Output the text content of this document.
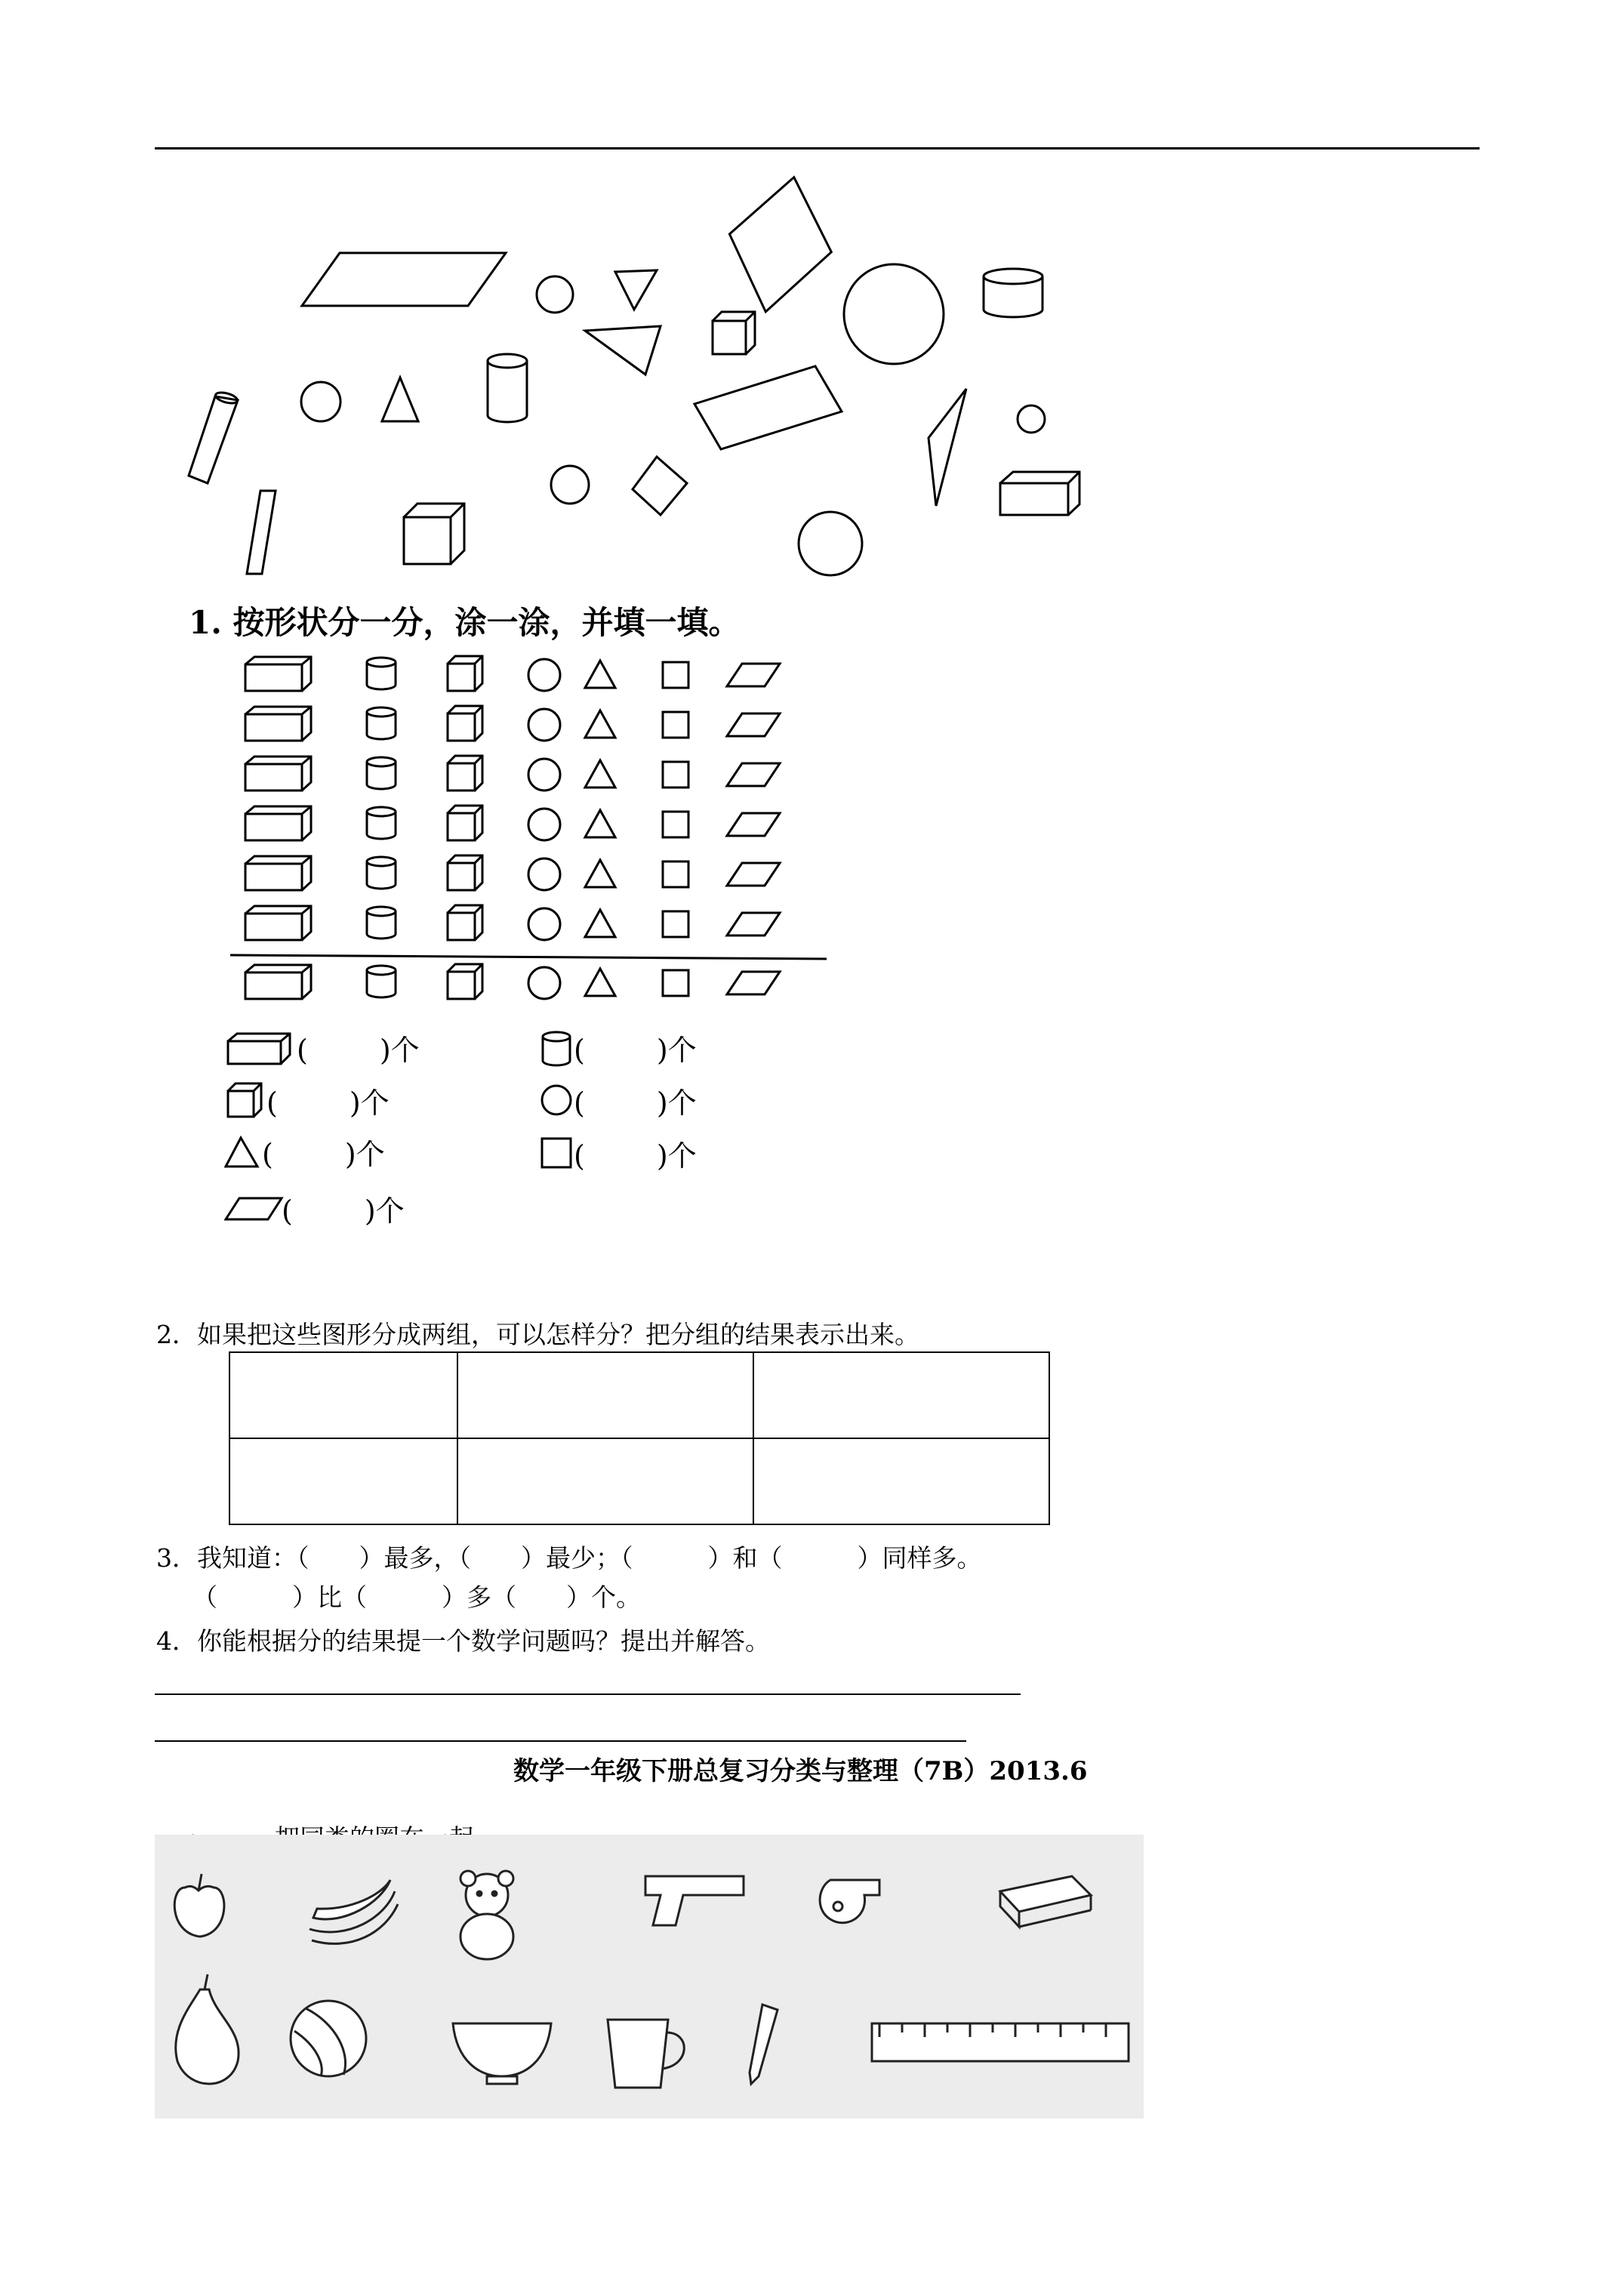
1. 按形状分一分，涂一涂，并填一填。
(	)个	(	)个
(	)个	(	)个
(	)个	(	)个
(	)个
2．如果把这些图形分成两组，可以怎样分？把分组的结果表示出来。

3．我知道：（　　）最多，（　　）最少；（　　　）和（　　　）同样多。
（　　　）比（　　　）多（　　）个。
4．你能根据分的结果提一个数学问题吗？提出并解答。
数学一年级下册总复习分类与整理（7B）2013.6
